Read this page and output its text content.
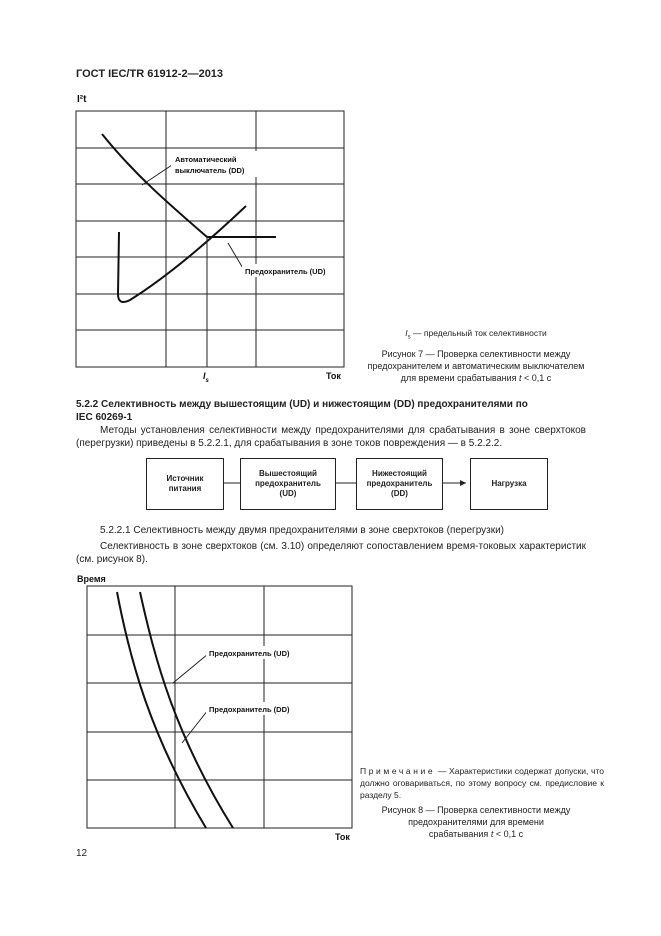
ГОСТ IEC/TR 61912-2—2013
Автоматический
выключатель (DD)
Предохранитель (UD)
I²t
Ток
$I_s$
$I_s$ — предельный ток селективности
Рисунок 7 — Проверка селективности между
предохранителем и автоматическим выключателем
для времени срабатывания t < 0,1 с
5.2.2 Селективность между вышестоящим (UD) и нижестоящим (DD) предохранителями по
IEC 60269-1
Методы установления селективности между предохранителями для срабатывания в зоне сверхтоков (перегрузки) приведены в 5.2.2.1, для срабатывания в зоне токов повреждения — в 5.2.2.2.
Источник
питания
Вышестоящий
предохранитель
(UD)
Нижестоящий
предохранитель
(DD)
Нагрузка
5.2.2.1 Селективность между двумя предохранителями в зоне сверхтоков (перегрузки)
Селективность в зоне сверхтоков (см. 3.10) определяют сопоставлением время-токовых характеристик (см. рисунок 8).
Предохранитель (UD)
Предохранитель (DD)
Время
Ток
Примечание — Характеристики содержат допуски, что должно оговариваться, по этому вопросу см. предисловие к разделу 5.
Рисунок 8 — Проверка селективности между
предохранителями для времени
срабатывания t < 0,1 с
12
